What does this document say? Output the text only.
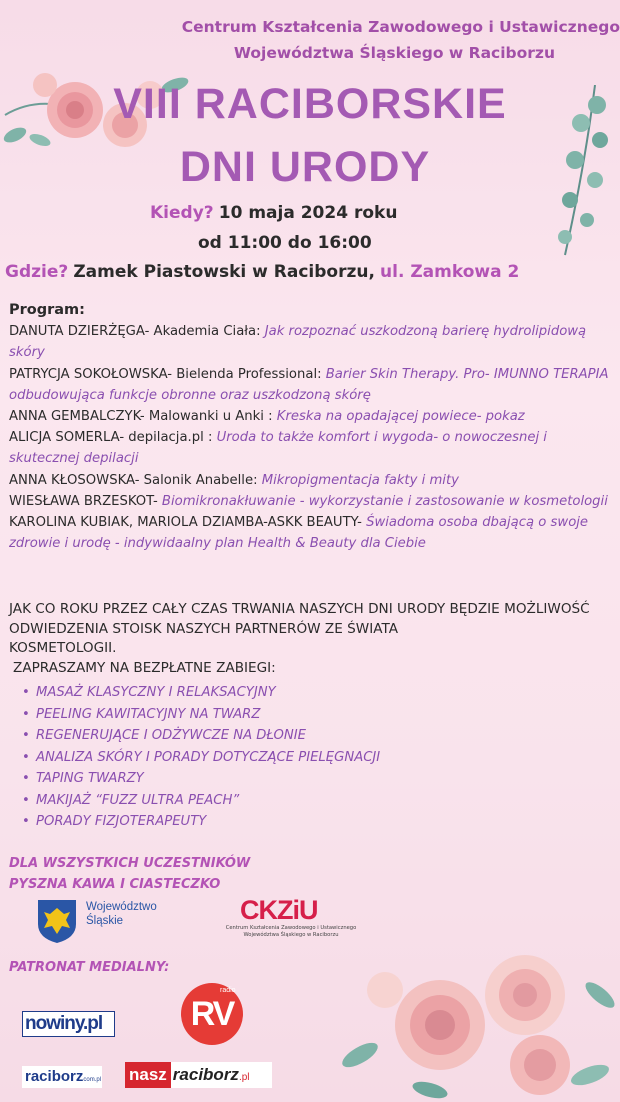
Centrum Kształcenia Zawodowego i Ustawicznego
Województwa Śląskiego w Raciborzu
VIII RACIBORSKIE
DNI URODY
Kiedy? 10 maja 2024 roku
od 11:00 do 16:00
Gdzie? Zamek Piastowski w Raciborzu, ul. Zamkowa 2
Program:
DANUTA DZIERŻĘGA- Akademia Ciała: Jak rozpoznać uszkodzoną barierę hydrolipidową skóry
PATRYCJA SOKOŁOWSKA- Bielenda Professional: Barier Skin Therapy. Pro- IMUNNO TERAPIA odbudowująca funkcje obronne oraz uszkodzoną skórę
ANNA GEMBALCZYK- Malowanki u Anki : Kreska na opadającej powiece- pokaz
ALICJA SOMERLA- depilacja.pl : Uroda to także komfort i wygoda- o nowoczesnej i skutecznej depilacji
ANNA KŁOSOWSKA- Salonik Anabelle: Mikropigmentacja fakty i mity
WIESŁAWA BRZESKOT- Biomikronakłuwanie - wykorzystanie i zastosowanie w kosmetologii
KAROLINA KUBIAK, MARIOLA DZIAMBA-ASKK BEAUTY- Świadoma osoba dbającą o swoje zdrowie i urodę - indywidaalny plan Health & Beauty dla Ciebie
JAK CO ROKU PRZEZ CAŁY CZAS TRWANIA NASZYCH DNI URODY BĘDZIE MOŻLIWOŚĆ
ODWIEDZENIA STOISK NASZYCH PARTNERÓW ZE ŚWIATA
KOSMETOLOGII.
ZAPRASZAMY NA BEZPŁATNE ZABIEGI:
• MASAŻ KLASYCZNY I RELAKSACYJNY
• PEELING KAWITACYJNY NA TWARZ
• REGENERUJĄCE I ODŻYWCZE NA DŁONIE
• ANALIZA SKÓRY I PORADY DOTYCZĄCE PIELĘGNACJI
• TAPING TWARZY
• MAKIJAŻ “FUZZ ULTRA PEACH”
• PORADY FIZJOTERAPEUTY
DLA WSZYSTKICH UCZESTNIKÓW
PYSZNA KAWA I CIASTECZKO
Województwo
Śląskie	CKZiU
Centrum Kształcenia Zawodowego i Ustawicznego
Województwa Śląskiego w Raciborzu
PATRONAT MEDIALNY:
nowiny.pl
radio
RV
raciborzcom.pl nasz raciborz.pl
